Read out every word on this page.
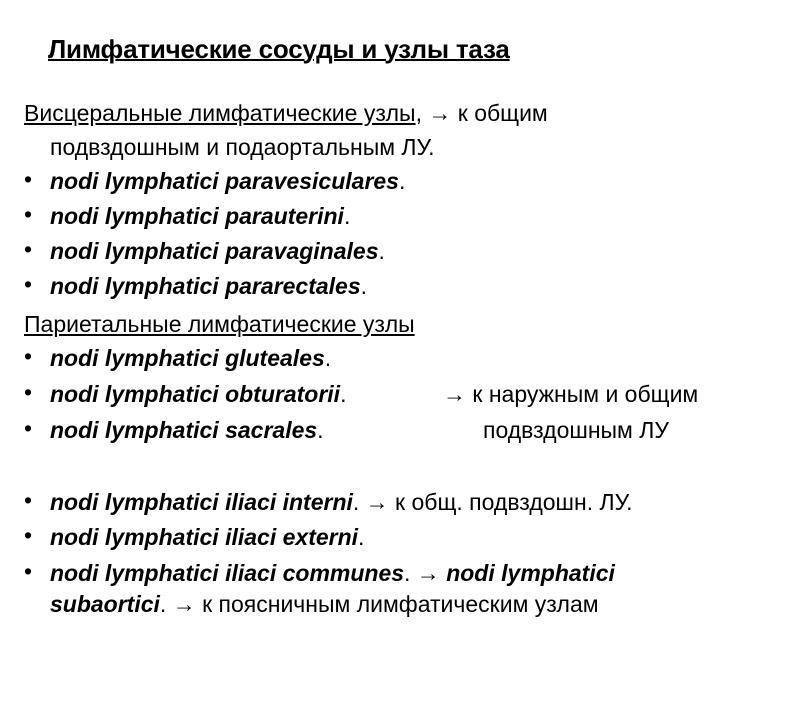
Лимфатические сосуды и узлы таза
Висцеральные лимфатические узлы, → к общим
подвздошным и подаортальным ЛУ.
• nodi lymphatici paravesiculares.
• nodi lymphatici parauterini.
• nodi lymphatici paravaginales.
• nodi lymphatici pararectales.
Париетальные лимфатические узлы
• nodi lymphatici gluteales.
• nodi lymphatici obturatorii.	→ к наружным и общим
• nodi lymphatici sacrales.	подвздошным ЛУ
• nodi lymphatici iliaci interni. → к общ. подвздошн. ЛУ.
• nodi lymphatici iliaci externi.
• nodi lymphatici iliaci communes. → nodi lymphatici
subaortici. → к поясничным лимфатическим узлам
